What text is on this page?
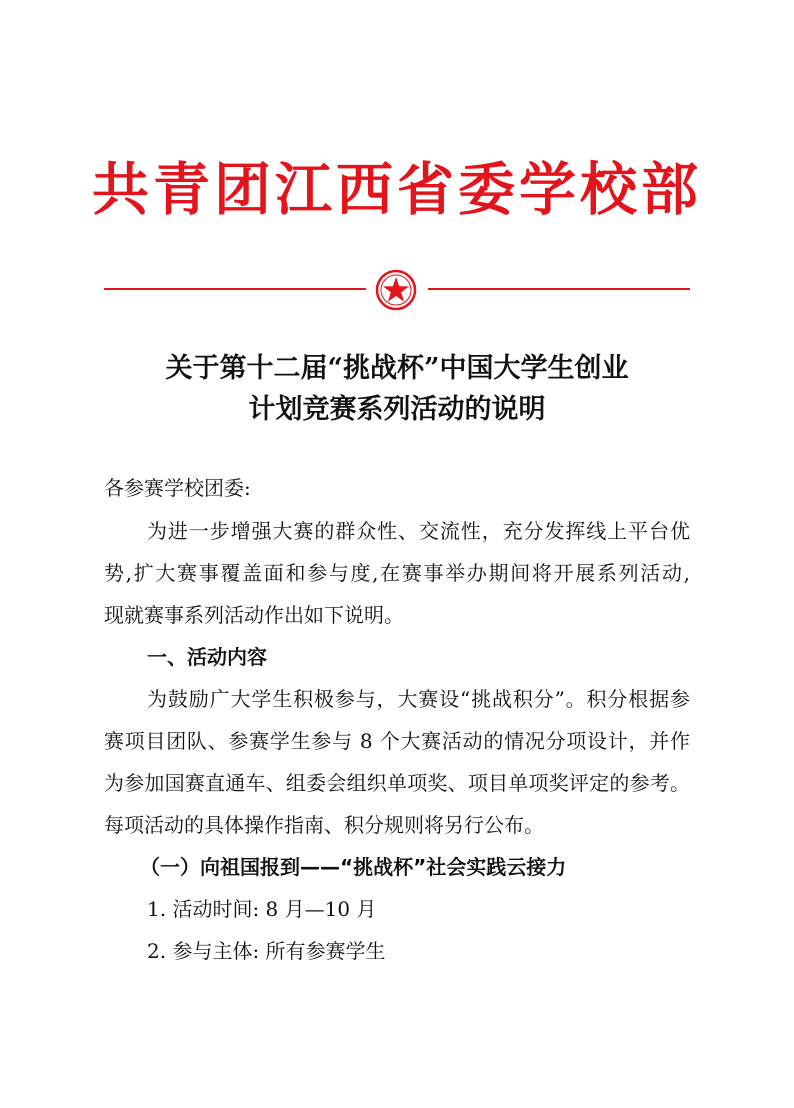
共青团江西省委学校部
关于第十二届“挑战杯”中国大学生创业
计划竞赛系列活动的说明
各参赛学校团委:
为进一步增强大赛的群众性、交流性，充分发挥线上平台优
势,扩大赛事覆盖面和参与度,在赛事举办期间将开展系列活动,
现就赛事系列活动作出如下说明。
一、活动内容
为鼓励广大学生积极参与，大赛设“挑战积分”。积分根据参
赛项目团队、参赛学生参与 8 个大赛活动的情况分项设计，并作
为参加国赛直通车、组委会组织单项奖、项目单项奖评定的参考。
每项活动的具体操作指南、积分规则将另行公布。
（一）向祖国报到——“挑战杯”社会实践云接力
1. 活动时间: 8 月—10 月
2. 参与主体: 所有参赛学生
